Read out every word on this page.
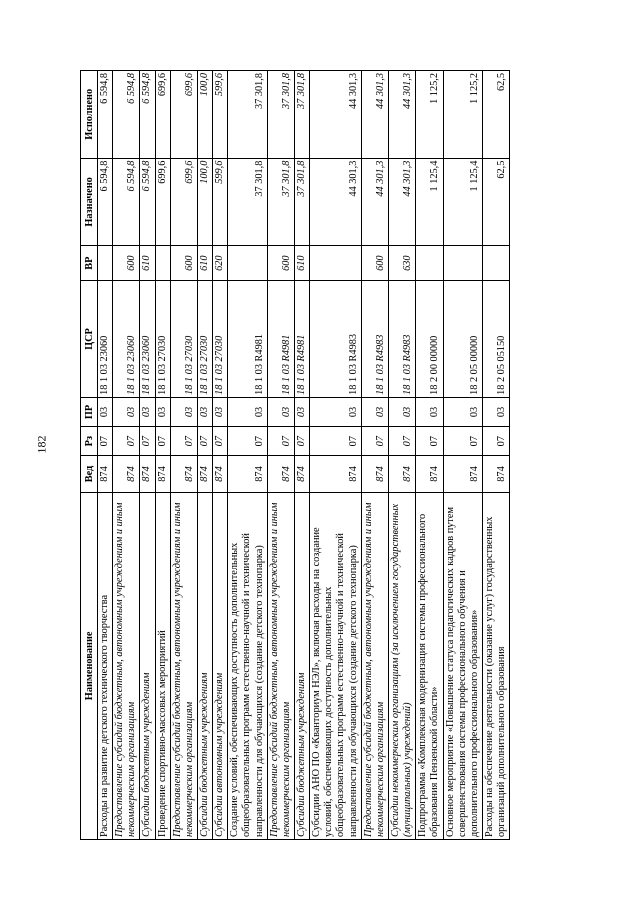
182
Наименование	Вед	Рз	ПР	ЦСР	ВР	Назначено	Исполнено
Расходы на развитие детского технического творчества	874	07	03	18 1 03 23060		6 594,8	6 594,8
Предоставление субсидий бюджетным, автономным учреждениям и иным некоммерческим организациям	874	07	03	18 1 03 23060	600	6 594,8	6 594,8
Субсидии бюджетным учреждениям	874	07	03	18 1 03 23060	610	6 594,8	6 594,8
Проведение спортивно-массовых мероприятий	874	07	03	18 1 03 27030		699,6	699,6
Предоставление субсидий бюджетным, автономным учреждениям и иным некоммерческим организациям	874	07	03	18 1 03 27030	600	699,6	699,6
Субсидии бюджетным учреждениям	874	07	03	18 1 03 27030	610	100,0	100,0
Субсидии автономным учреждениям	874	07	03	18 1 03 27030	620	599,6	599,6
Создание условий, обеспечивающих доступность дополнительных общеобразовательных программ естественно-научной и технической направленности для обучающихся (создание детского технопарка)	874	07	03	18 1 03 R4981		37 301,8	37 301,8
Предоставление субсидий бюджетным, автономным учреждениям и иным некоммерческим организациям	874	07	03	18 1 03 R4981	600	37 301,8	37 301,8
Субсидии бюджетным учреждениям	874	07	03	18 1 03 R4981	610	37 301,8	37 301,8
Субсидии АНО ПО «Кванториум НЭЛ», включая расходы на создание условий, обеспечивающих доступность дополнительных общеобразовательных программ естественно-научной и технической направленности для обучающихся (создание детского технопарка)	874	07	03	18 1 03 R4983		44 301,3	44 301,3
Предоставление субсидий бюджетным, автономным учреждениям и иным некоммерческим организациям	874	07	03	18 1 03 R4983	600	44 301,3	44 301,3
Субсидии некоммерческим организациям (за исключением государственных (муниципальных) учреждений)	874	07	03	18 1 03 R4983	630	44 301,3	44 301,3
Подпрограмма «Комплексная модернизация системы профессионального образования Пензенской области»	874	07	03	18 2 00 00000		1 125,4	1 125,2
Основное мероприятие «Повышение статуса педагогических кадров путем совершенствования системы профессионального обучения и дополнительного профессионального образования»	874	07	03	18 2 05 00000		1 125,4	1 125,2
Расходы на обеспечение деятельности (оказание услуг) государственных организаций дополнительного образования	874	07	03	18 2 05 05150		62,5	62,5
